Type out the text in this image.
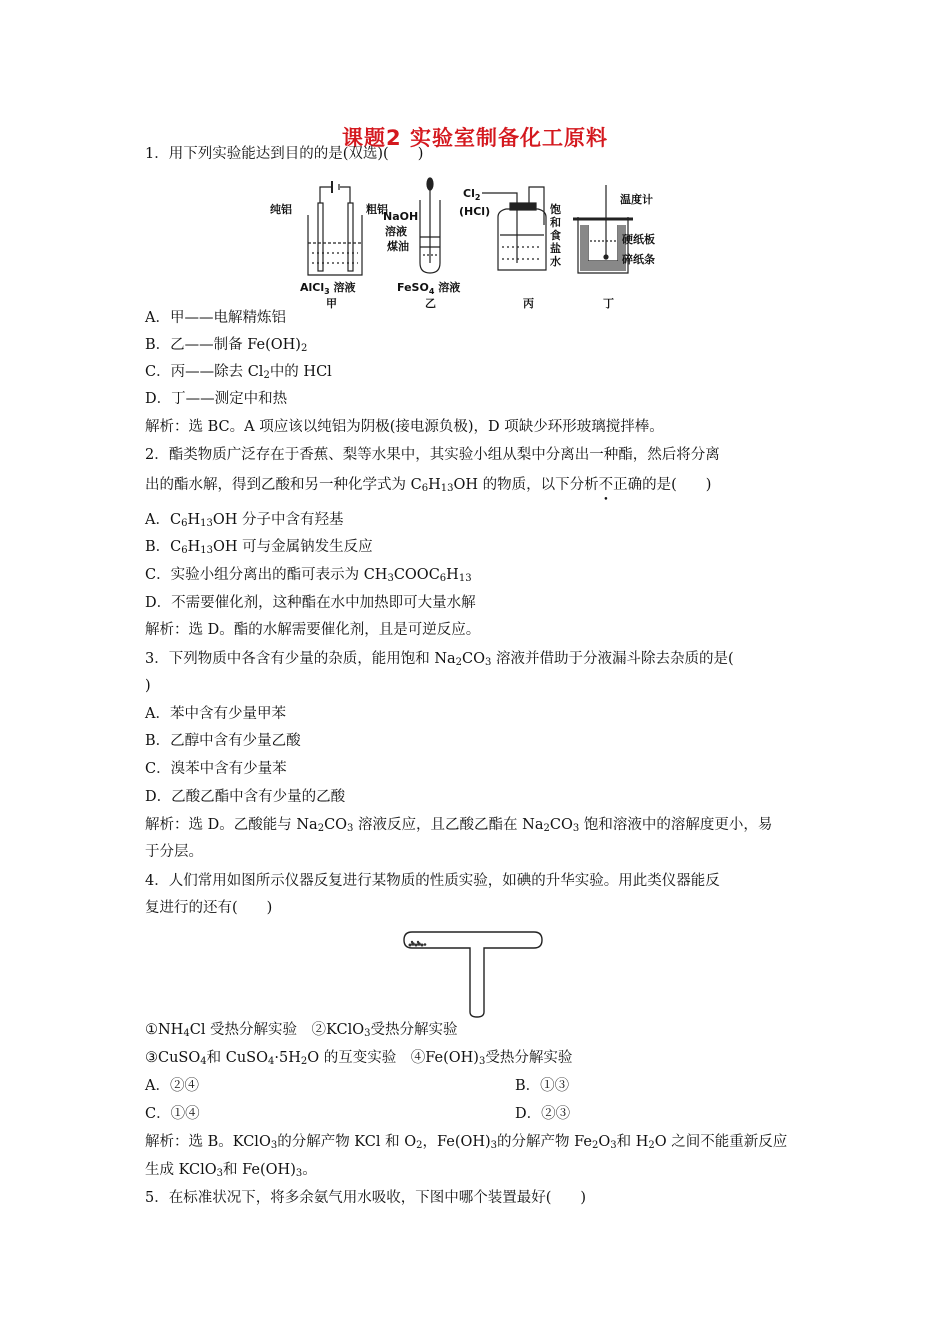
课题2 实验室制备化工原料
1．用下列实验能达到目的的是(双选)(　　)
纯铝	粗铝
AlCl$_3$ 溶液
甲
NaOH
溶液
煤油
FeSO$_4$ 溶液
乙
$Cl_2$
(HCl)	饱
和
食
盐
水
丙
温度计
硬纸板
碎纸条
丁
A．甲——电解精炼铝
B．乙——制备 $Fe(OH)_2$
C．丙——除去 $Cl_2$中的 HCl
D．丁——测定中和热
解析：选 BC。A 项应该以纯铝为阴极(接电源负极)，D 项缺少环形玻璃搅拌棒。
2．酯类物质广泛存在于香蕉、梨等水果中，其实验小组从梨中分离出一种酯，然后将分离
出的酯水解，得到乙酸和另一种化学式为 $C_6H_{13}OH$ 的物质，以下分析不正确的是(　　)
A．$C_6H_{13}OH$ 分子中含有羟基
B．$C_6H_{13}OH$ 可与金属钠发生反应
C．实验小组分离出的酯可表示为 $CH_3COOC_6H_{13}$
D．不需要催化剂，这种酯在水中加热即可大量水解
解析：选 D。酯的水解需要催化剂，且是可逆反应。
3．下列物质中各含有少量的杂质，能用饱和 $Na_2CO_3$ 溶液并借助于分液漏斗除去杂质的是(
)
A．苯中含有少量甲苯
B．乙醇中含有少量乙酸
C．溴苯中含有少量苯
D．乙酸乙酯中含有少量的乙酸
解析：选 D。乙酸能与 $Na_2CO_3$ 溶液反应，且乙酸乙酯在 $Na_2CO_3$ 饱和溶液中的溶解度更小，易
于分层。
4．人们常用如图所示仪器反复进行某物质的性质实验，如碘的升华实验。用此类仪器能反
复进行的还有(　　)
$①NH_4Cl$ 受热分解实验　②KClO$_3$受热分解实验
③CuSO$_4$和 $CuSO_4\cdot 5H_2O$ 的互变实验　$④Fe(OH)_3$受热分解实验
A．②④	B．①③
C．①④	D．②③
解析：选 B。KClO$_3$的分解产物 KCl 和 $O_2$，$Fe(OH)_3$的分解产物 $Fe_2O_3$和 $H_2O$ 之间不能重新反应
生成 KClO$_3$和 $Fe(OH)_3$。
5．在标准状况下，将多余氨气用水吸收，下图中哪个装置最好(　　)
